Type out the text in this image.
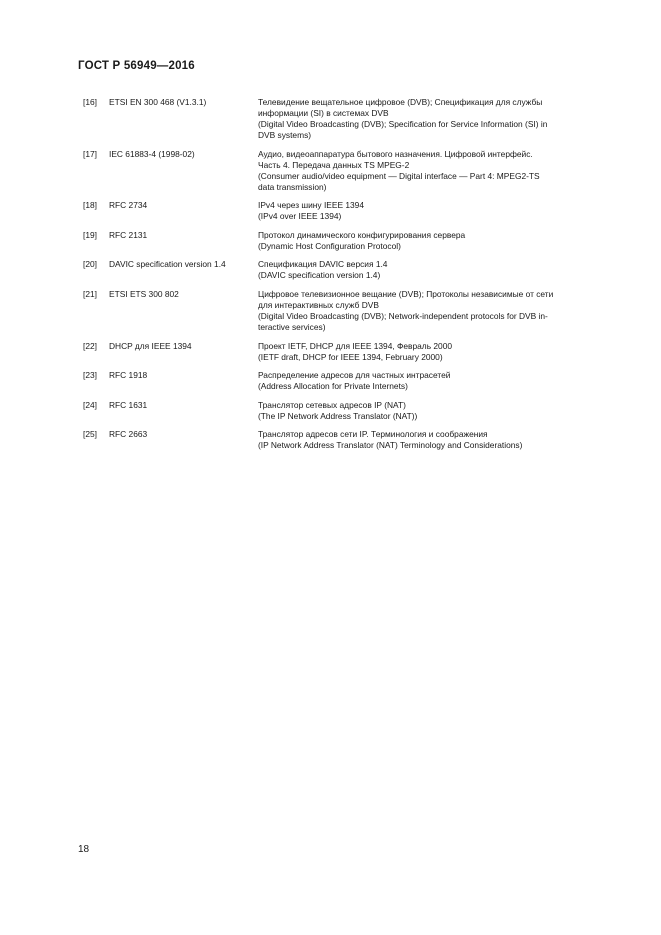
ГОСТ Р 56949—2016
[16] ETSI EN 300 468 (V1.3.1)	Телевидение вещательное цифровое (DVB); Спецификация для службы
информации (SI) в системах DVB
(Digital Video Broadcasting (DVB); Specification for Service Information (SI) in
DVB systems)
[17] IEC 61883-4 (1998-02)	Аудио, видеоаппаратура бытового назначения. Цифровой интерфейс.
Часть 4. Передача данных TS MPEG-2
(Consumer audio/video equipment — Digital interface — Part 4: MPEG2-TS
data transmission)
[18] RFC 2734	IPv4 через шину IEEE 1394
(IPv4 over IEEE 1394)
[19] RFC 2131	Протокол динамического конфигурирования сервера
(Dynamic Host Configuration Protocol)
[20] DAVIC specification version 1.4	Спецификация DAVIC версия 1.4
(DAVIC specification version 1.4)
[21] ETSI ETS 300 802	Цифровое телевизионное вещание (DVB); Протоколы независимые от сети
для интерактивных служб DVB
(Digital Video Broadcasting (DVB); Network-independent protocols for DVB in-
teractive services)
[22] DHCP для IEEE 1394	Проект IETF, DHCP для IEEE 1394, Февраль 2000
(IETF draft, DHCP for IEEE 1394, February 2000)
[23] RFC 1918	Распределение адресов для частных интрасетей
(Address Allocation for Private Internets)
[24] RFC 1631	Транслятор сетевых адресов IP (NAT)
(The IP Network Address Translator (NAT))
[25] RFC 2663	Транслятор адресов сети IP. Терминология и соображения
(IP Network Address Translator (NAT) Terminology and Considerations)
18
